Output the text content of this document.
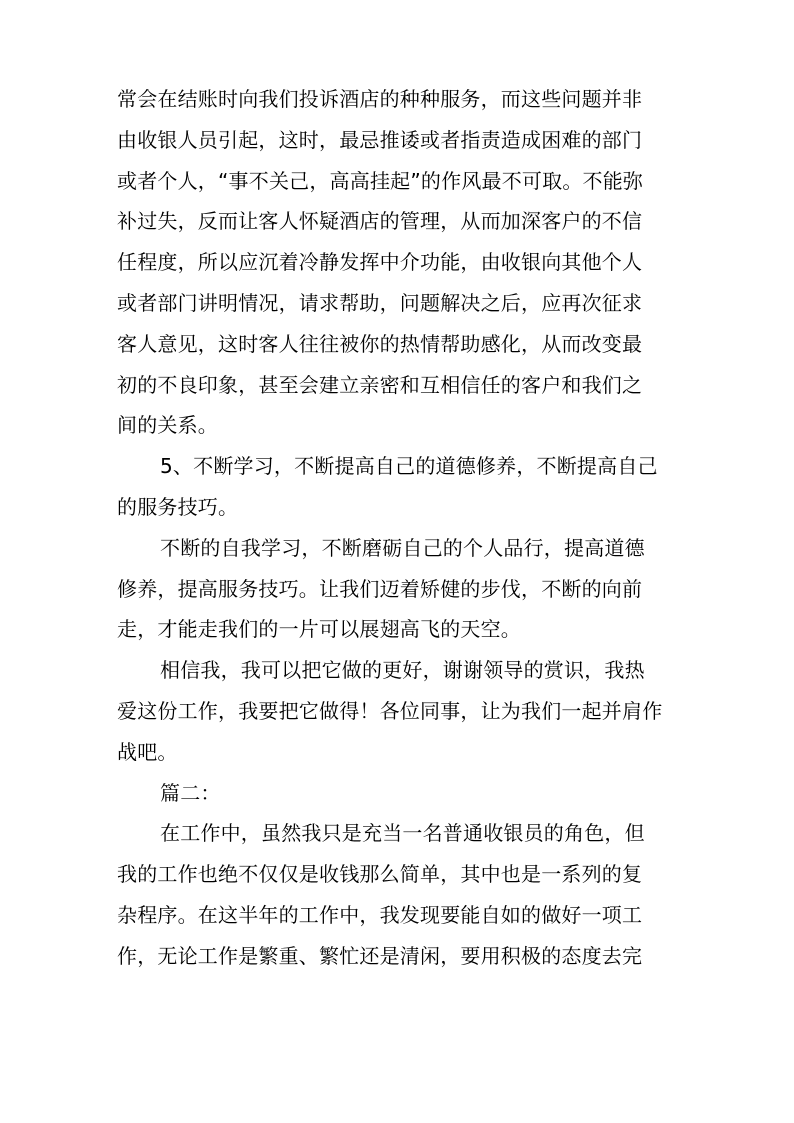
常会在结账时向我们投诉酒店的种种服务，而这些问题并非
由收银人员引起，这时，最忌推诿或者指责造成困难的部门
或者个人，“事不关己，高高挂起”的作风最不可取。不能弥
补过失，反而让客人怀疑酒店的管理，从而加深客户的不信
任程度，所以应沉着冷静发挥中介功能，由收银向其他个人
或者部门讲明情况，请求帮助，问题解决之后，应再次征求
客人意见，这时客人往往被你的热情帮助感化，从而改变最
初的不良印象，甚至会建立亲密和互相信任的客户和我们之
间的关系。
5、不断学习，不断提高自己的道德修养，不断提高自己
的服务技巧。
不断的自我学习，不断磨砺自己的个人品行，提高道德
修养，提高服务技巧。让我们迈着矫健的步伐，不断的向前
走，才能走我们的一片可以展翅高飞的天空。
相信我，我可以把它做的更好，谢谢领导的赏识，我热
爱这份工作，我要把它做得！各位同事，让为我们一起并肩作
战吧。
篇二：
在工作中，虽然我只是充当一名普通收银员的角色，但
我的工作也绝不仅仅是收钱那么简单，其中也是一系列的复
杂程序。在这半年的工作中，我发现要能自如的做好一项工
作，无论工作是繁重、繁忙还是清闲，要用积极的态度去完
